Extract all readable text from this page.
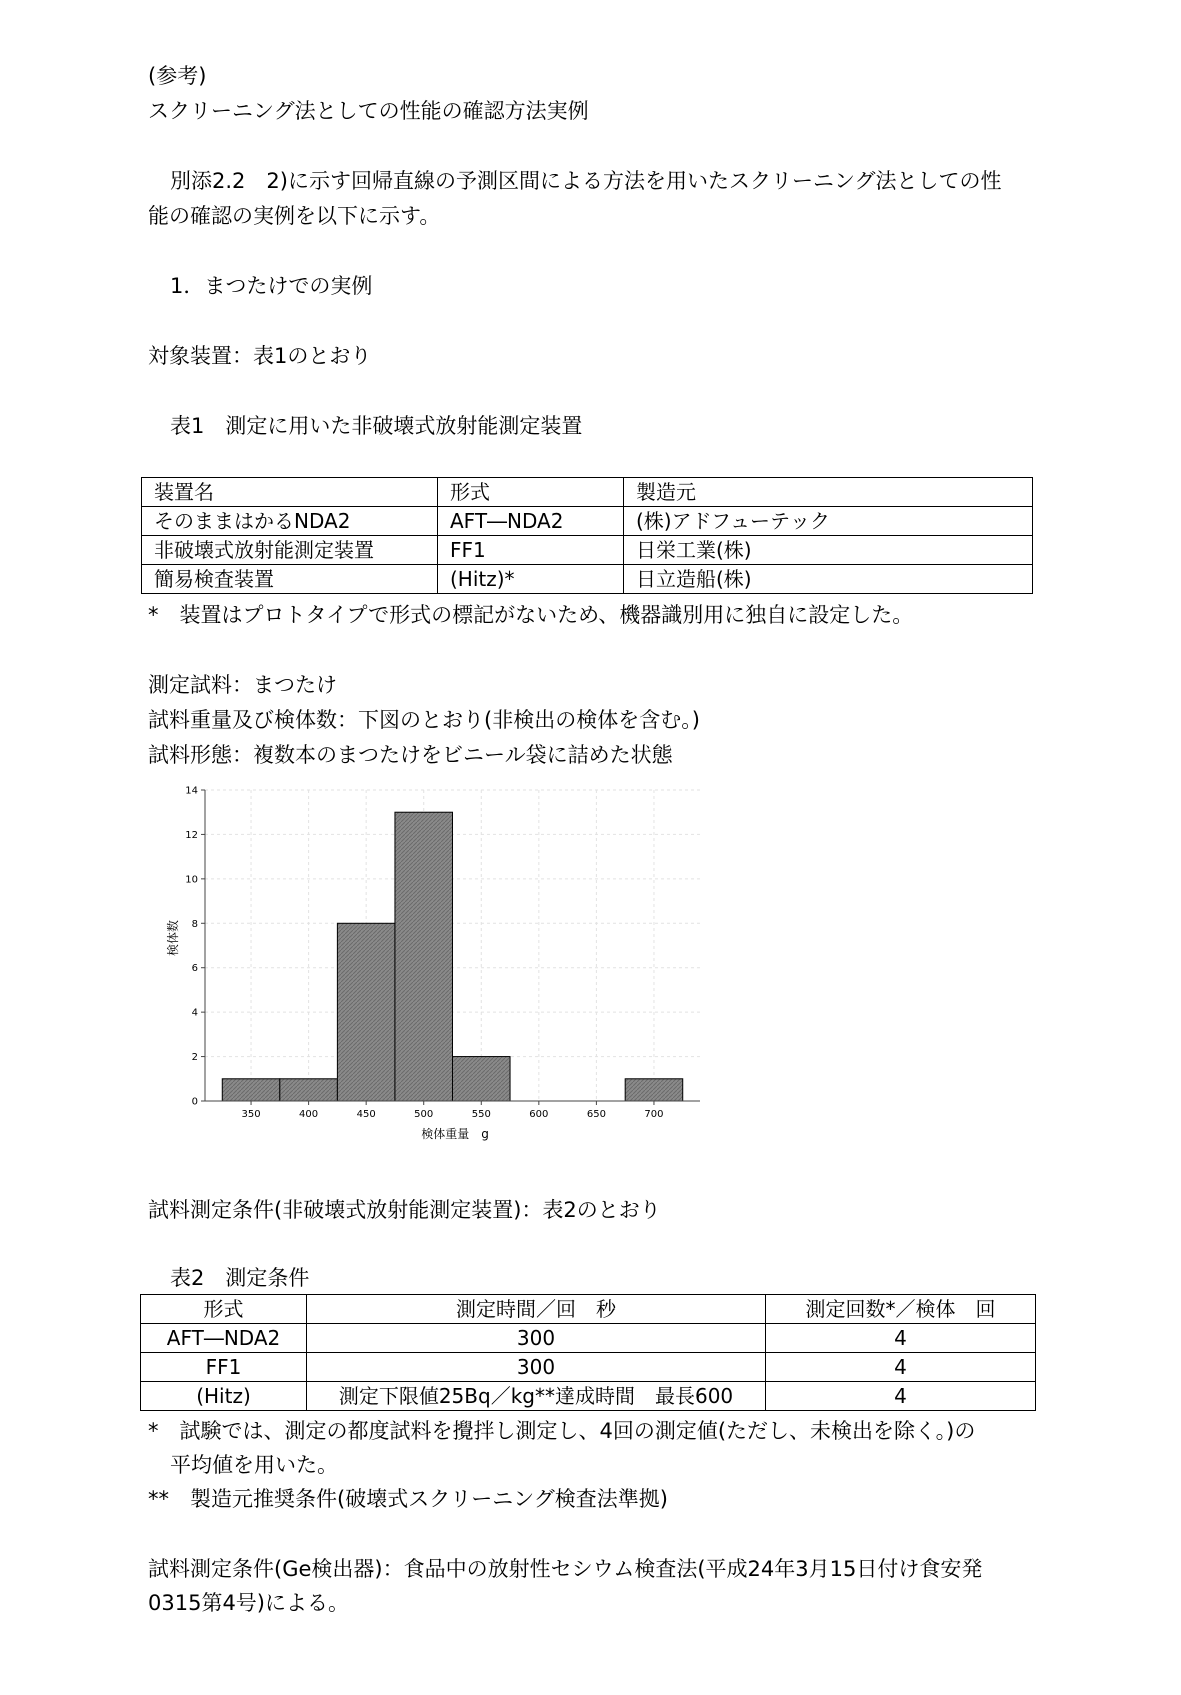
(参考)
スクリーニング法としての性能の確認方法実例
別添2.2　2)に示す回帰直線の予測区間による方法を用いたスクリーニング法としての性
能の確認の実例を以下に示す。
1．まつたけでの実例
対象装置：表1のとおり
表1　測定に用いた非破壊式放射能測定装置
装置名	形式	製造元
そのままはかるNDA2	AFT―NDA2	(株)アドフューテック
非破壊式放射能測定装置	FF1	日栄工業(株)
簡易検査装置	(Hitz)*	日立造船(株)
*　装置はプロトタイプで形式の標記がないため、機器識別用に独自に設定した。
測定試料：まつたけ
試料重量及び検体数：下図のとおり(非検出の検体を含む。)
試料形態：複数本のまつたけをビニール袋に詰めた状態
350	400	450	500	550	600	650	700
0
2
4
6
8
10
12
14
検体重量　g
検体数
試料測定条件(非破壊式放射能測定装置)：表2のとおり
表2　測定条件
形式	測定時間／回　秒	測定回数*／検体　回
AFT―NDA2	300	4
FF1	300	4
(Hitz)	測定下限値25Bq／kg**達成時間　最長600	4
*　試験では、測定の都度試料を攪拌し測定し、4回の測定値(ただし、未検出を除く。)の
平均値を用いた。
**　製造元推奨条件(破壊式スクリーニング検査法準拠)
試料測定条件(Ge検出器)：食品中の放射性セシウム検査法(平成24年3月15日付け食安発
0315第4号)による。
